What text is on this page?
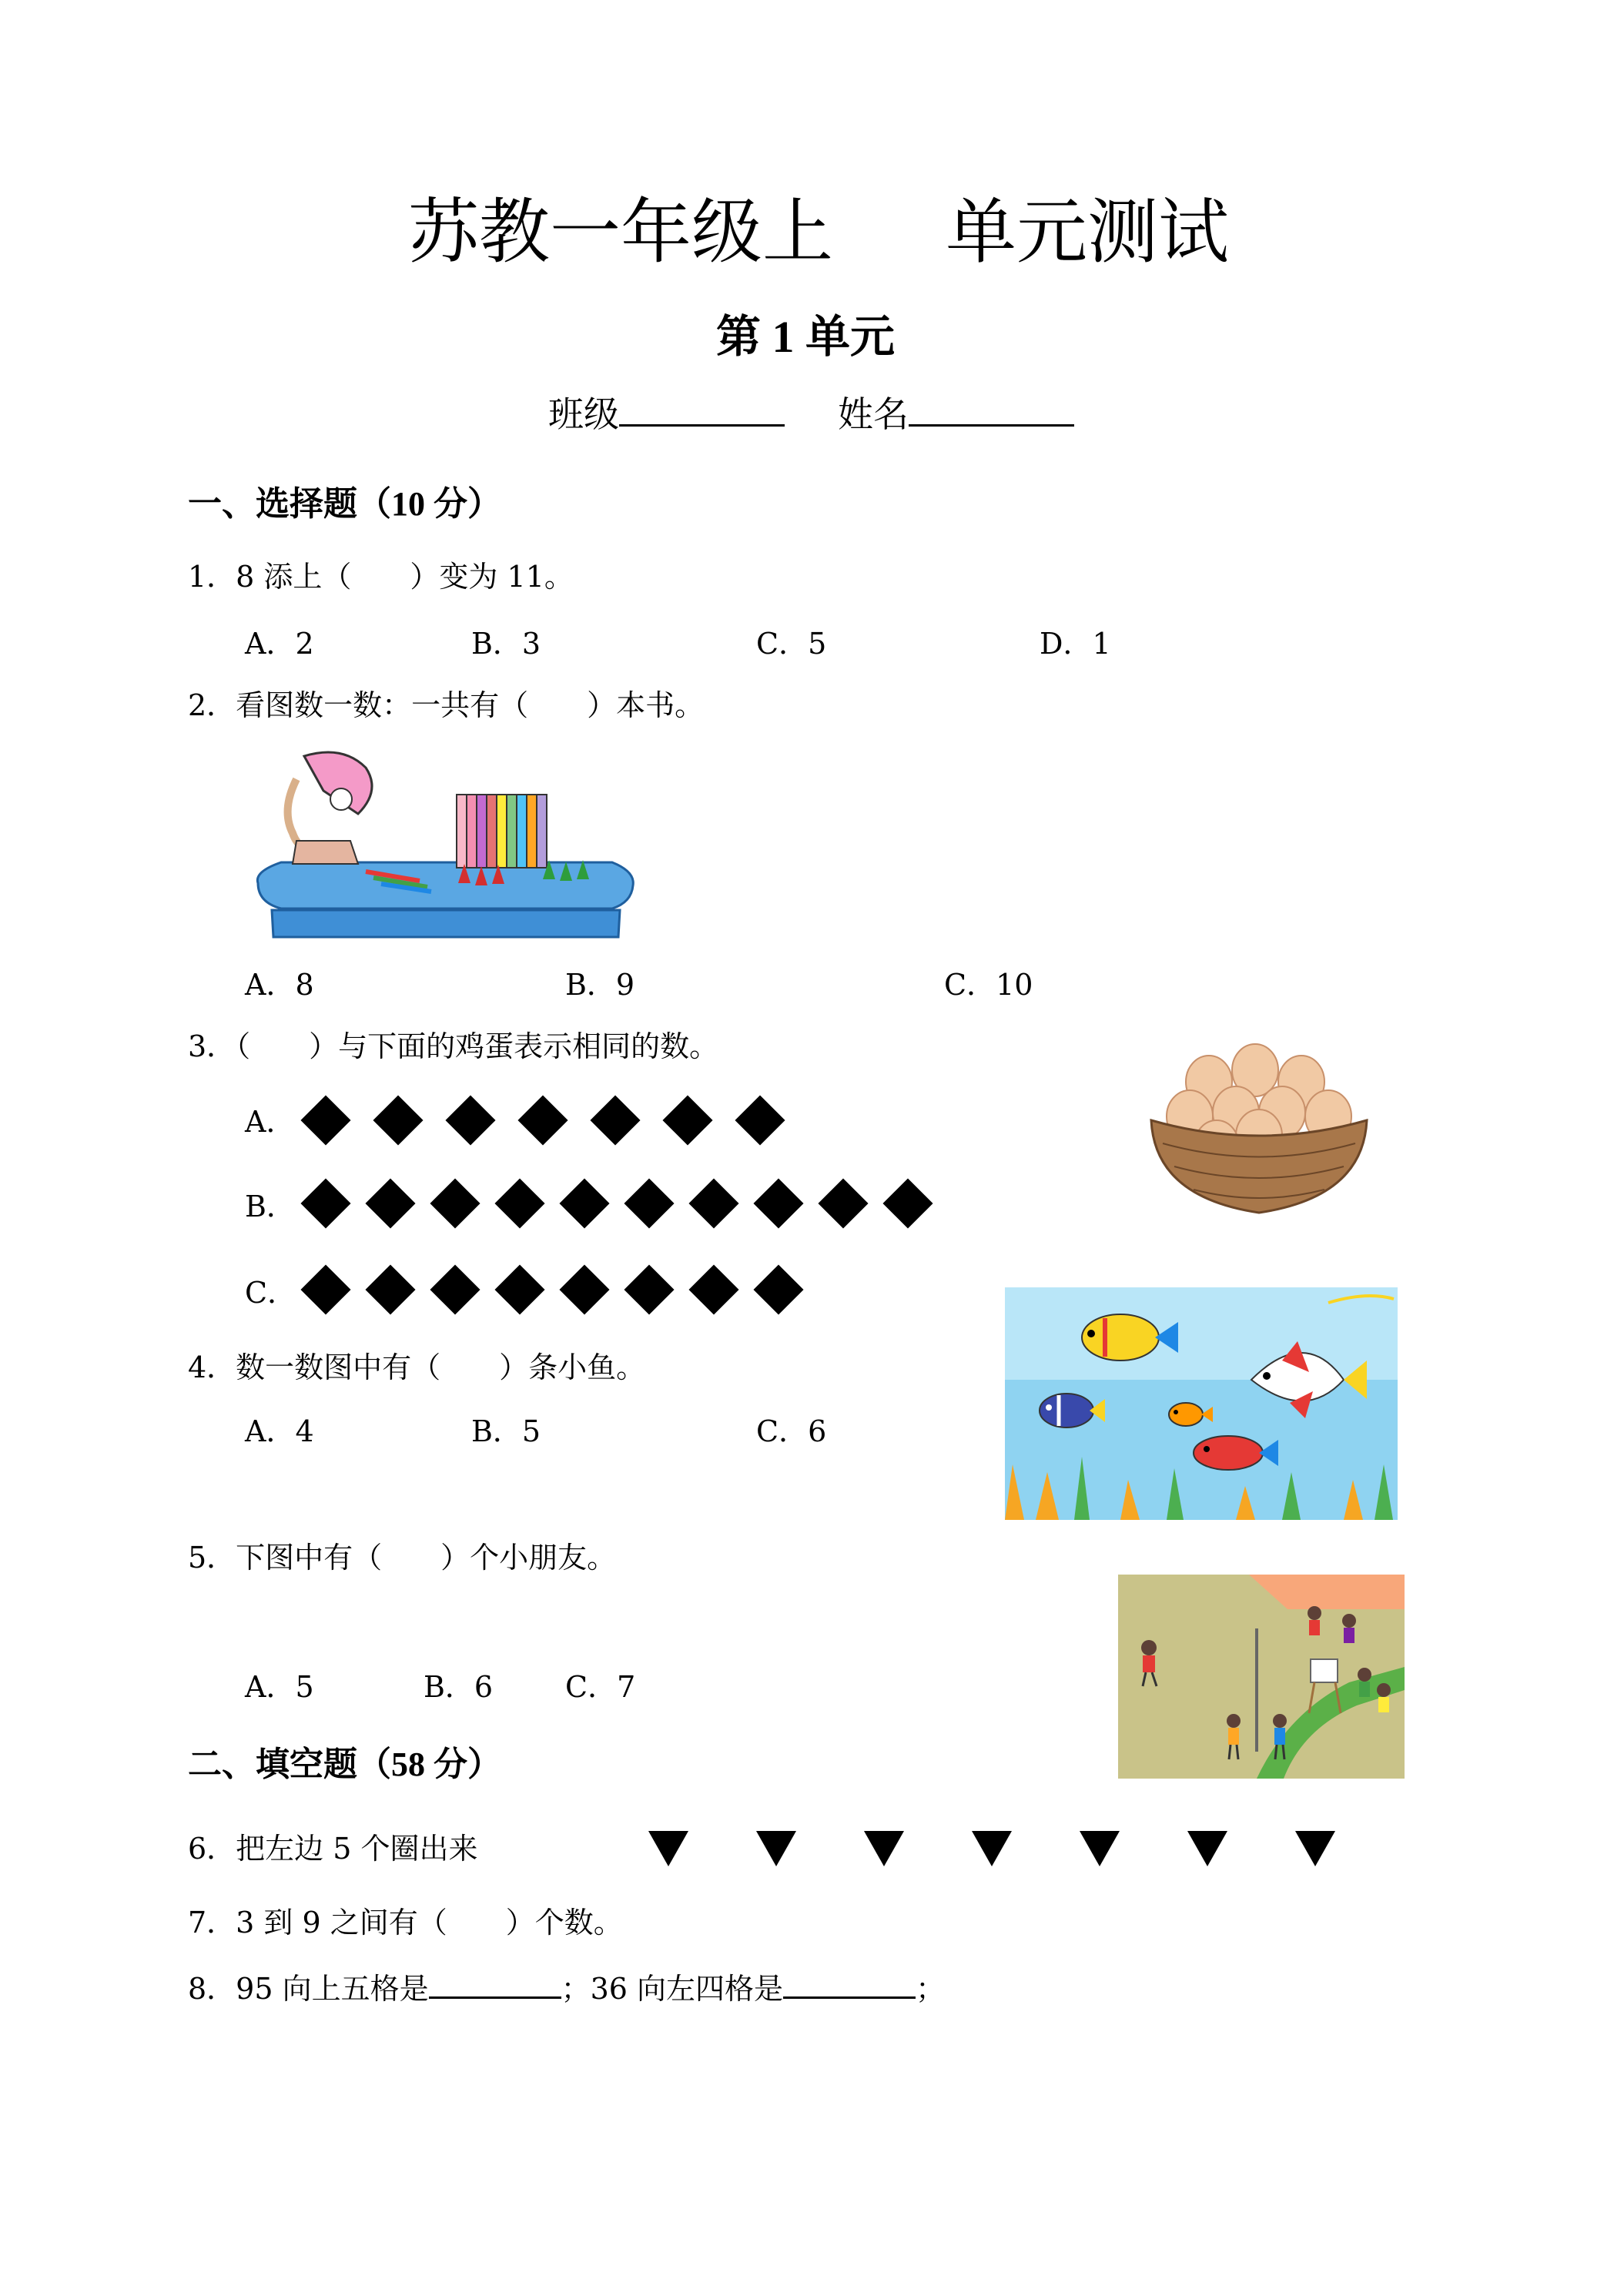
苏教一年级上 单元测试
第 1 单元
班级	姓名
一、选择题（10 分）
1．8 添上（　　）变为 11。
A．2	B．3	C．5	D．1
2．看图数一数：一共有（　　）本书。
A．8	B．9	C．10
3．（　　）与下面的鸡蛋表示相同的数。
A．
B．
C．
4．数一数图中有（　　）条小鱼。
A．4	B．5	C．6
5．下图中有（　　）个小朋友。
A．5	B．6 C．7
二、填空题（58 分）
6．把左边 5 个圈出来
7．3 到 9 之间有（　　）个数。
8．95 向上五格是	；36 向左四格是	；
